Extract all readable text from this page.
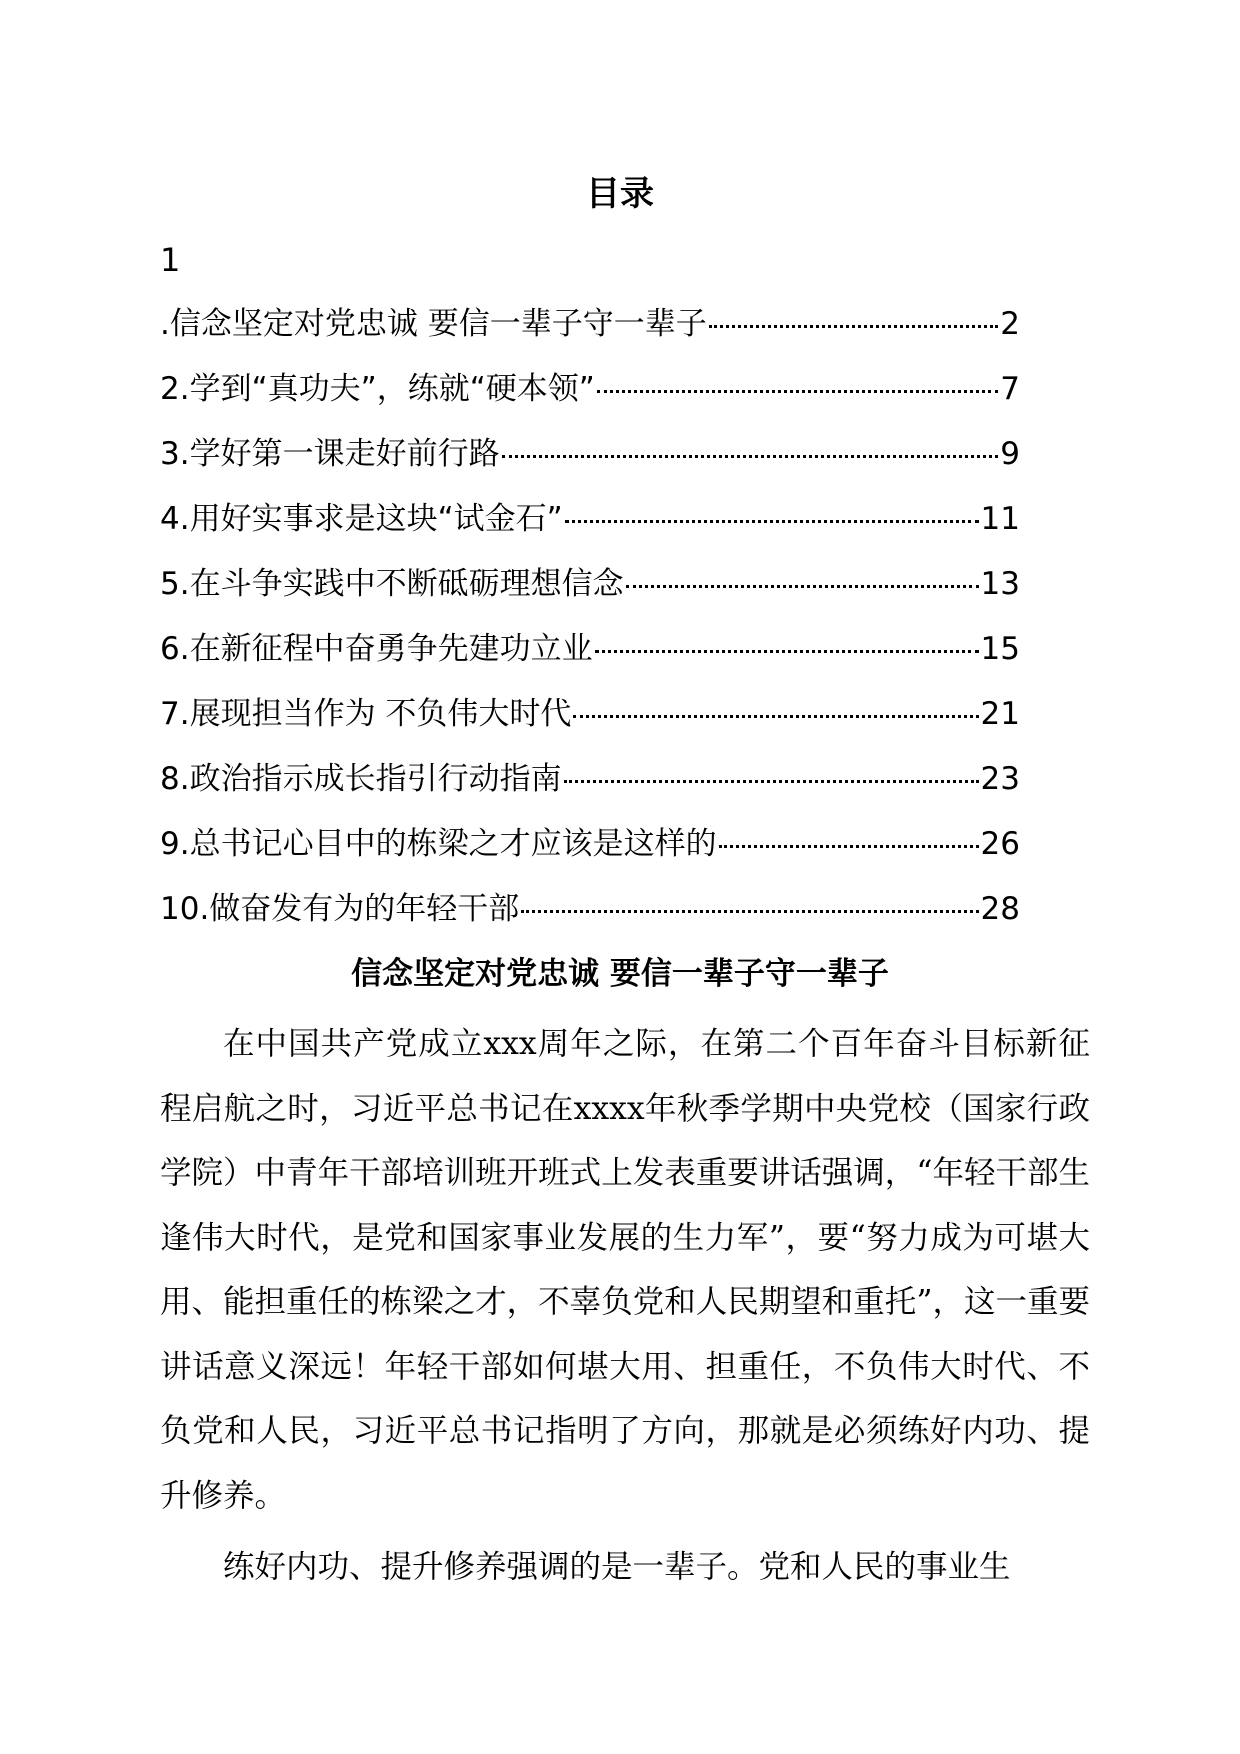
目录
1
.信念坚定对党忠诚 要信一辈子守一辈子	2
2.学到“真功夫”，练就“硬本领”	7
3.学好第一课走好前行路	9
4.用好实事求是这块“试金石”	11
5.在斗争实践中不断砥砺理想信念	13
6.在新征程中奋勇争先建功立业	15
7.展现担当作为 不负伟大时代	21
8.政治指示成长指引行动指南	23
9.总书记心目中的栋梁之才应该是这样的	26
10.做奋发有为的年轻干部	28
信念坚定对党忠诚 要信一辈子守一辈子

在中国共产党成立xxx周年之际，在第二个百年奋斗目标新征程启航之时，习近平总书记在xxxx年秋季学期中央党校（国家行政学院）中青年干部培训班开班式上发表重要讲话强调，“年轻干部生逢伟大时代，是党和国家事业发展的生力军”，要“努力成为可堪大用、能担重任的栋梁之才，不辜负党和人民期望和重托”，这一重要讲话意义深远！年轻干部如何堪大用、担重任，不负伟大时代、不负党和人民，习近平总书记指明了方向，那就是必须练好内功、提升修养。

练好内功、提升修养强调的是一辈子。党和人民的事业生
